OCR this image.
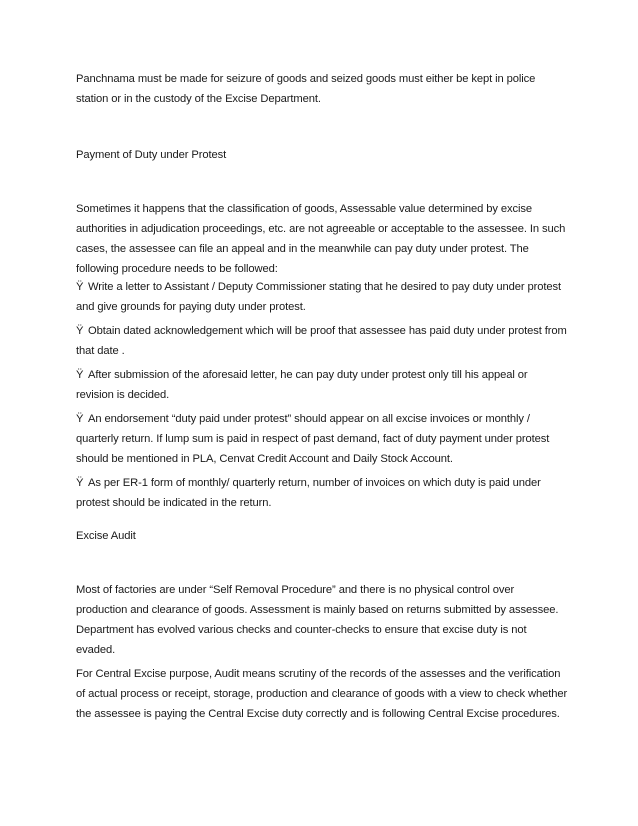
Panchnama must be made for seizure of goods and seized goods must either be kept in police station or in the custody of the Excise Department.

Payment of Duty under Protest

Sometimes it happens that the classification of goods, Assessable value determined by excise authorities in adjudication proceedings, etc. are not agreeable or acceptable to the assessee. In such cases, the assessee can file an appeal and in the meanwhile can pay duty under protest. The following procedure needs to be followed:

Ÿ Write a letter to Assistant / Deputy Commissioner stating that he desired to pay duty under protest and give grounds for paying duty under protest.

Ÿ Obtain dated acknowledgement which will be proof that assessee has paid duty under protest from that date .

Ÿ After submission of the aforesaid letter, he can pay duty under protest only till his appeal or revision is decided.

Ÿ An endorsement “duty paid under protest” should appear on all excise invoices or monthly / quarterly return. If lump sum is paid in respect of past demand, fact of duty payment under protest should be mentioned in PLA, Cenvat Credit Account and Daily Stock Account.

Ÿ As per ER-1 form of monthly/ quarterly return, number of invoices on which duty is paid under protest should be indicated in the return.

Excise Audit

Most of factories are under “Self Removal Procedure” and there is no physical control over production and clearance of goods. Assessment is mainly based on returns submitted by assessee. Department has evolved various checks and counter-checks to ensure that excise duty is not evaded.

For Central Excise purpose, Audit means scrutiny of the records of the assesses and the verification of actual process or receipt, storage, production and clearance of goods with a view to check whether the assessee is paying the Central Excise duty correctly and is following Central Excise procedures.
